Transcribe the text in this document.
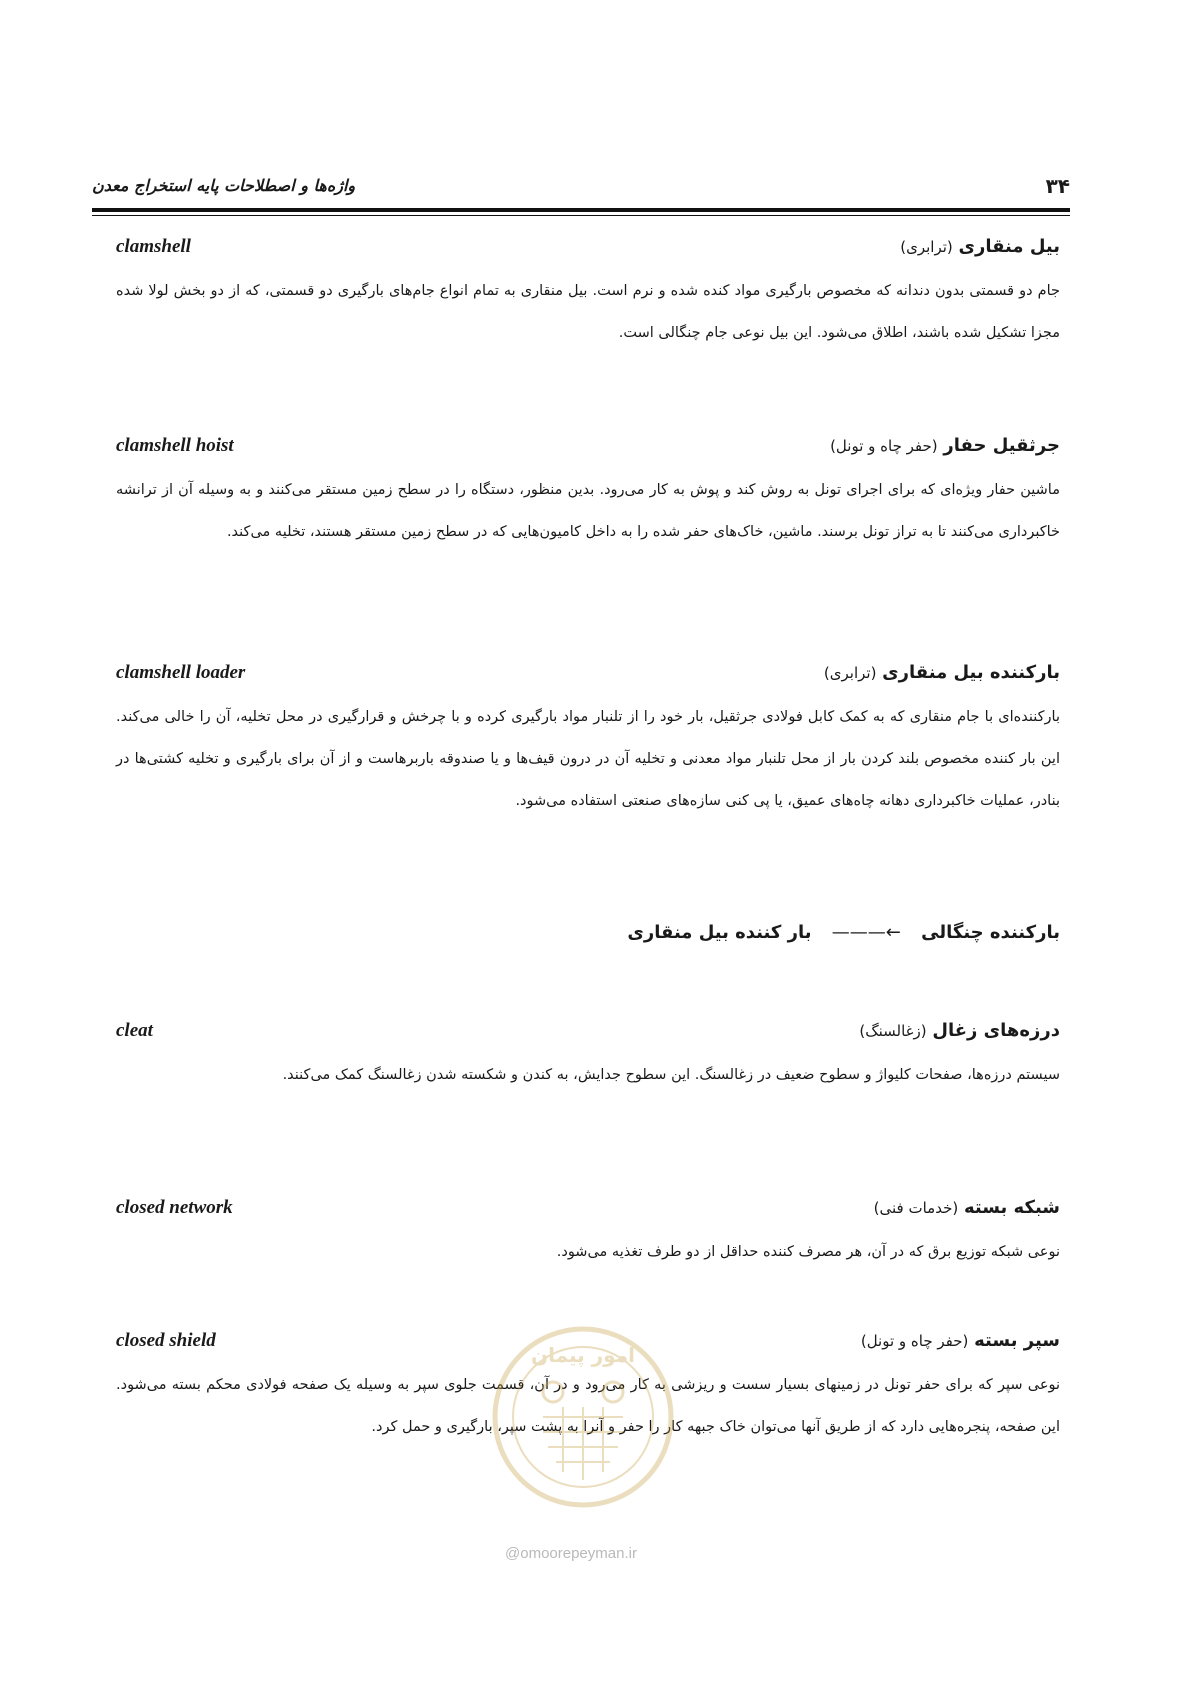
۳۴
واژه‌ها و اصطلاحات پایه استخراج معدن
clamshell	بیل منقاری (ترابری)
جام دو قسمتی بدون دندانه که مخصوص بارگیری مواد کنده شده و نرم است. بیل منقاری به تمام انواع جام‌های بارگیری دو قسمتی، که از دو بخش لولا شده مجزا تشکیل شده باشند، اطلاق می‌شود. این بیل نوعی جام چنگالی است.
clamshell hoist	جرثقیل حفار (حفر چاه و تونل)
ماشین حفار ویژه‌ای که برای اجرای تونل به روش کند و پوش به کار می‌رود. بدین منظور، دستگاه را در سطح زمین مستقر می‌کنند و به وسیله آن از ترانشه خاکبرداری می‌کنند تا به تراز تونل برسند. ماشین، خاک‌های حفر شده را به داخل کامیون‌هایی که در سطح زمین مستقر هستند، تخلیه می‌کند.
clamshell loader	بارکننده بیل منقاری (ترابری)
بارکننده‌ای با جام منقاری که به کمک کابل فولادی جرثقیل، بار خود را از تلنبار مواد بارگیری کرده و با چرخش و قرارگیری در محل تخلیه، آن را خالی می‌کند. این بار کننده مخصوص بلند کردن بار از محل تلنبار مواد معدنی و تخلیه آن در درون قیف‌ها و یا صندوقه باربرهاست و از آن برای بارگیری و تخلیه کشتی‌ها در بنادر، عملیات خاکبرداری دهانه چاه‌های عمیق، یا پی کنی سازه‌های صنعتی استفاده می‌شود.
بارکننده چنگالی ←——— بار کننده بیل منقاری
cleat	درزه‌های زغال (زغالسنگ)
سیستم درزه‌ها، صفحات کلیواژ و سطوح ضعیف در زغالسنگ. این سطوح جدایش، به کندن و شکسته شدن زغالسنگ کمک می‌کنند.
closed network	شبکه بسته (خدمات فنی)
نوعی شبکه توزیع برق که در آن، هر مصرف کننده حداقل از دو طرف تغذیه می‌شود.
closed shield	سپر بسته (حفر چاه و تونل)
نوعی سپر که برای حفر تونل در زمینهای بسیار سست و ریزشی به کار می‌رود و در آن، قسمت جلوی سپر به وسیله یک صفحه فولادی محکم بسته می‌شود. این صفحه، پنجره‌هایی دارد که از طریق آنها می‌توان خاک جبهه کار را حفر و آنرا به پشت سپر، بارگیری و حمل کرد.
امور پیمان
@omoorepeyman.ir
